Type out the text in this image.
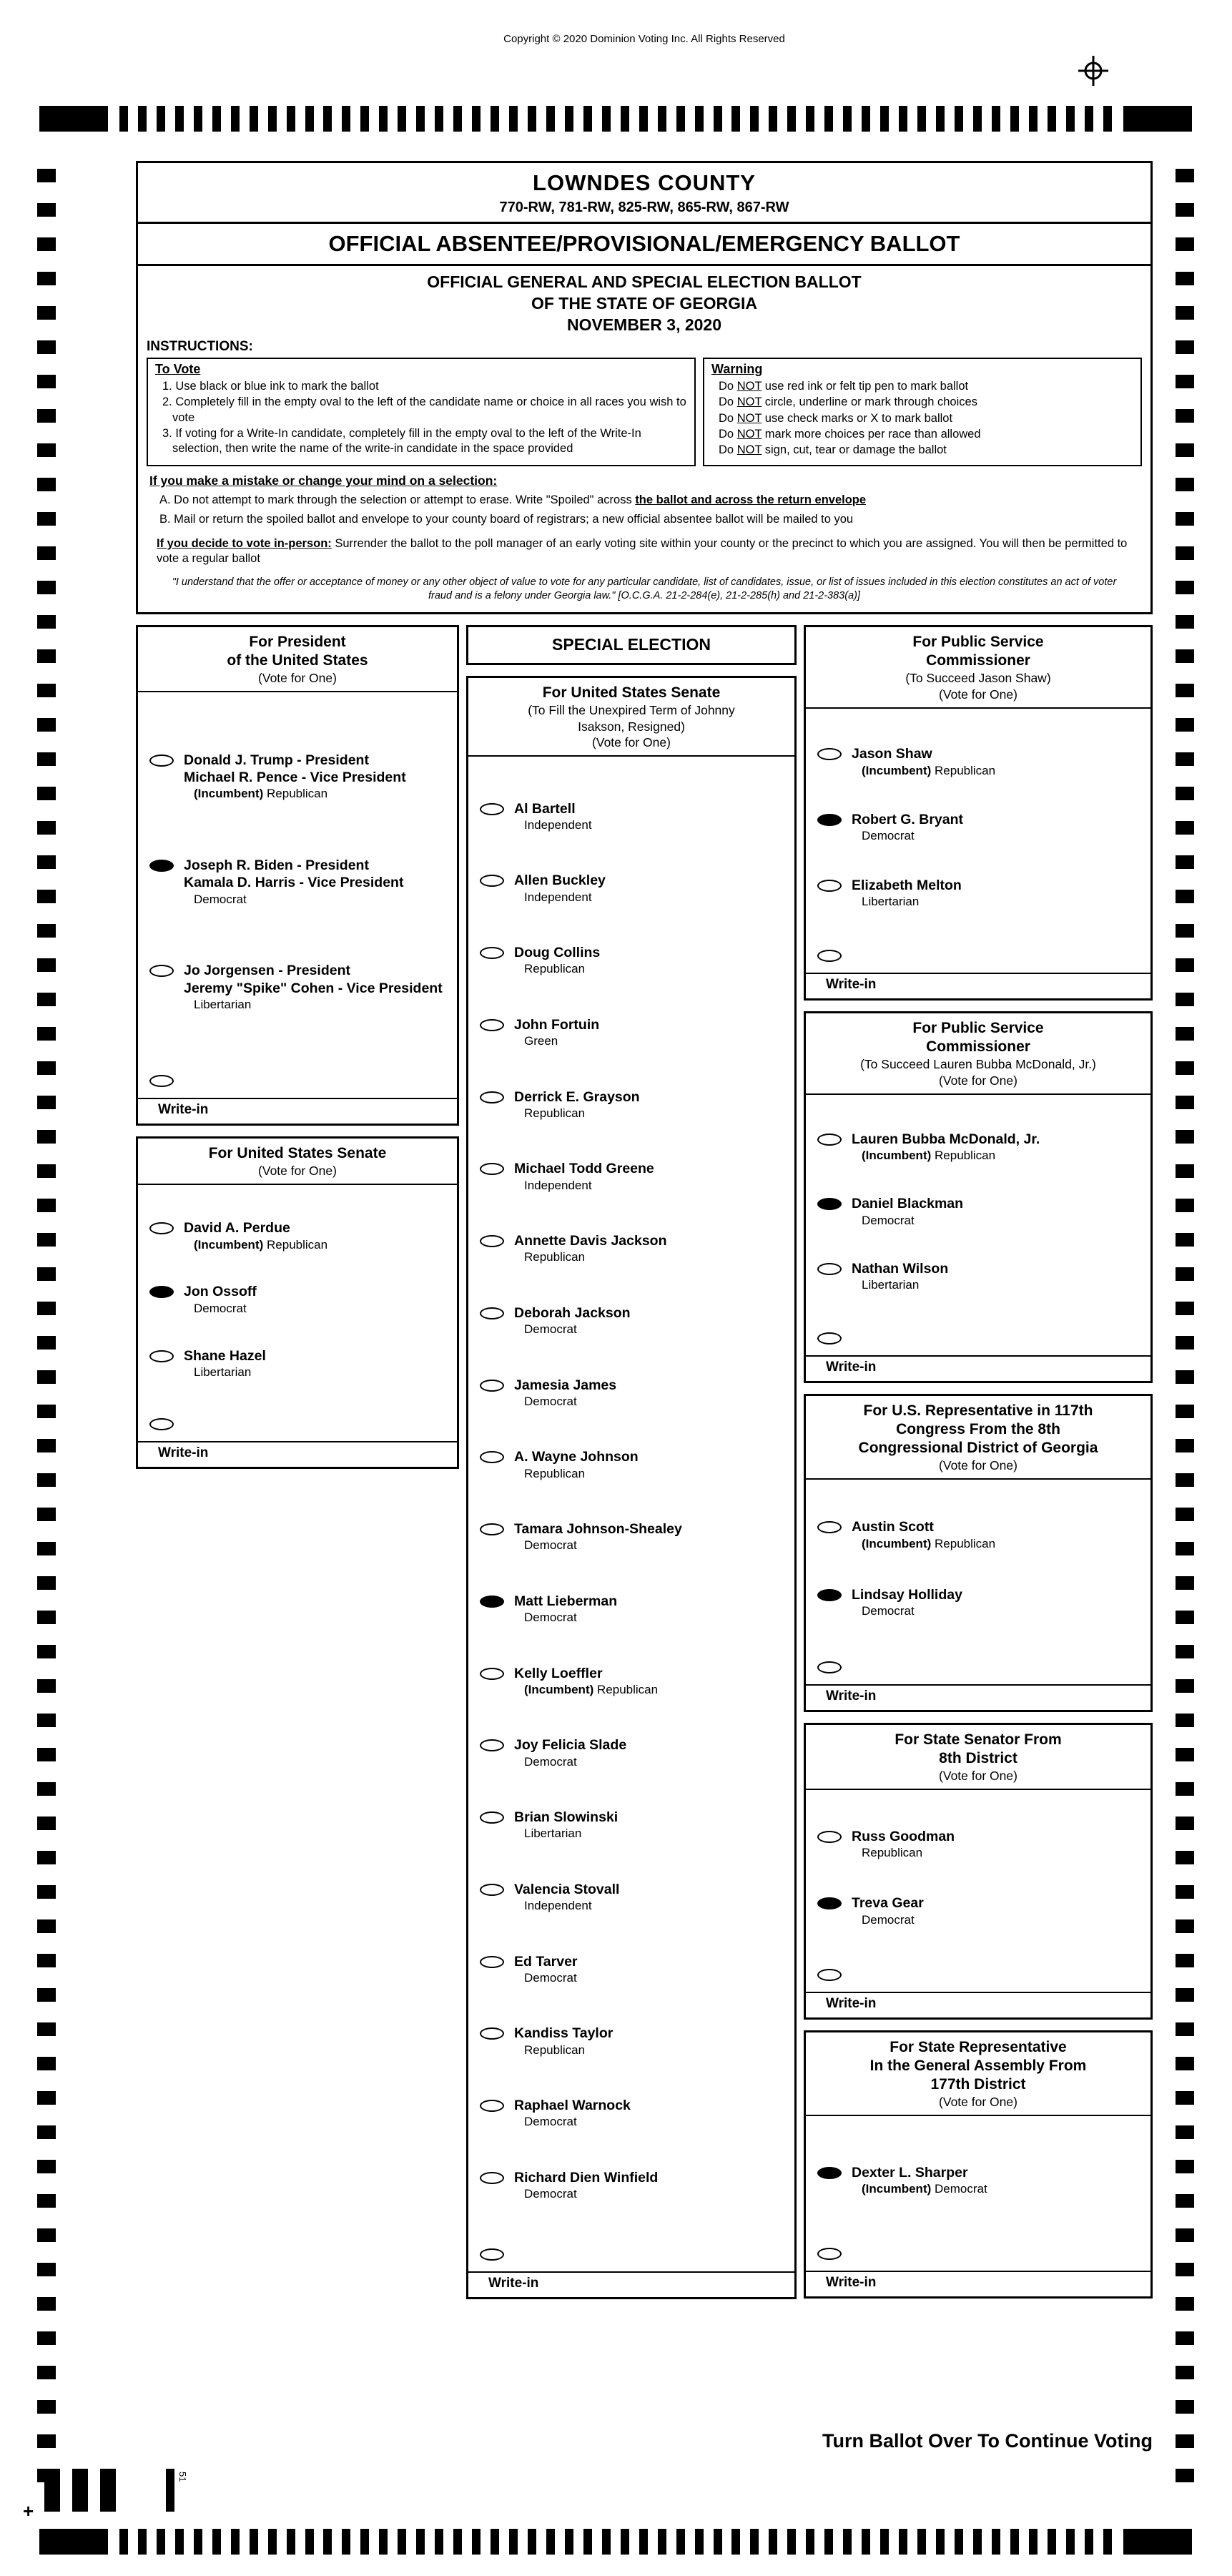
Copyright © 2020 Dominion Voting Inc. All Rights Reserved
LOWNDES COUNTY
770-RW, 781-RW, 825-RW, 865-RW, 867-RW
OFFICIAL ABSENTEE/PROVISIONAL/EMERGENCY BALLOT
OFFICIAL GENERAL AND SPECIAL ELECTION BALLOT
OF THE STATE OF GEORGIA
NOVEMBER 3, 2020
INSTRUCTIONS:
To Vote
1. Use black or blue ink to mark the ballot
2. Completely fill in the empty oval to the left of the candidate name or choice in all races you wish to vote
3. If voting for a Write-In candidate, completely fill in the empty oval to the left of the Write-In selection, then write the name of the write-in candidate in the space provided
Warning
Do NOT use red ink or felt tip pen to mark ballot
Do NOT circle, underline or mark through choices
Do NOT use check marks or X to mark ballot
Do NOT mark more choices per race than allowed
Do NOT sign, cut, tear or damage the ballot
If you make a mistake or change your mind on a selection:
A. Do not attempt to mark through the selection or attempt to erase. Write "Spoiled" across the ballot and across the return envelope
B. Mail or return the spoiled ballot and envelope to your county board of registrars; a new official absentee ballot will be mailed to you
If you decide to vote in-person: Surrender the ballot to the poll manager of an early voting site within your county or the precinct to which you are assigned. You will then be permitted to vote a regular ballot
"I understand that the offer or acceptance of money or any other object of value to vote for any particular candidate, list of candidates, issue, or list of issues included in this election constitutes an act of voter fraud and is a felony under Georgia law." [O.C.G.A. 21-2-284(e), 21-2-285(h) and 21-2-383(a)]
For President
of the United States
(Vote for One)
Donald J. Trump - President
Michael R. Pence - Vice President
(Incumbent) Republican
Joseph R. Biden - President
Kamala D. Harris - Vice President
Democrat
Jo Jorgensen - President
Jeremy "Spike" Cohen - Vice President
Libertarian
Write-in
For United States Senate
(Vote for One)
David A. Perdue
(Incumbent) Republican
Jon Ossoff
Democrat
Shane Hazel
Libertarian
Write-in
SPECIAL ELECTION
For United States Senate
(To Fill the Unexpired Term of Johnny
Isakson, Resigned)
(Vote for One)
Al Bartell
Independent
Allen Buckley
Independent
Doug Collins
Republican
John Fortuin
Green
Derrick E. Grayson
Republican
Michael Todd Greene
Independent
Annette Davis Jackson
Republican
Deborah Jackson
Democrat
Jamesia James
Democrat
A. Wayne Johnson
Republican
Tamara Johnson-Shealey
Democrat
Matt Lieberman
Democrat
Kelly Loeffler
(Incumbent) Republican
Joy Felicia Slade
Democrat
Brian Slowinski
Libertarian
Valencia Stovall
Independent
Ed Tarver
Democrat
Kandiss Taylor
Republican
Raphael Warnock
Democrat
Richard Dien Winfield
Democrat
Write-in
For Public Service
Commissioner
(To Succeed Jason Shaw)
(Vote for One)
Jason Shaw
(Incumbent) Republican
Robert G. Bryant
Democrat
Elizabeth Melton
Libertarian
Write-in
For Public Service
Commissioner
(To Succeed Lauren Bubba McDonald, Jr.)
(Vote for One)
Lauren Bubba McDonald, Jr.
(Incumbent) Republican
Daniel Blackman
Democrat
Nathan Wilson
Libertarian
Write-in
For U.S. Representative in 117th
Congress From the 8th
Congressional District of Georgia
(Vote for One)
Austin Scott
(Incumbent) Republican
Lindsay Holliday
Democrat
Write-in
For State Senator From
8th District
(Vote for One)
Russ Goodman
Republican
Treva Gear
Democrat
Write-in
For State Representative
In the General Assembly From
177th District
(Vote for One)
Dexter L. Sharper
(Incumbent) Democrat
Write-in
Turn Ballot Over To Continue Voting
+
51
